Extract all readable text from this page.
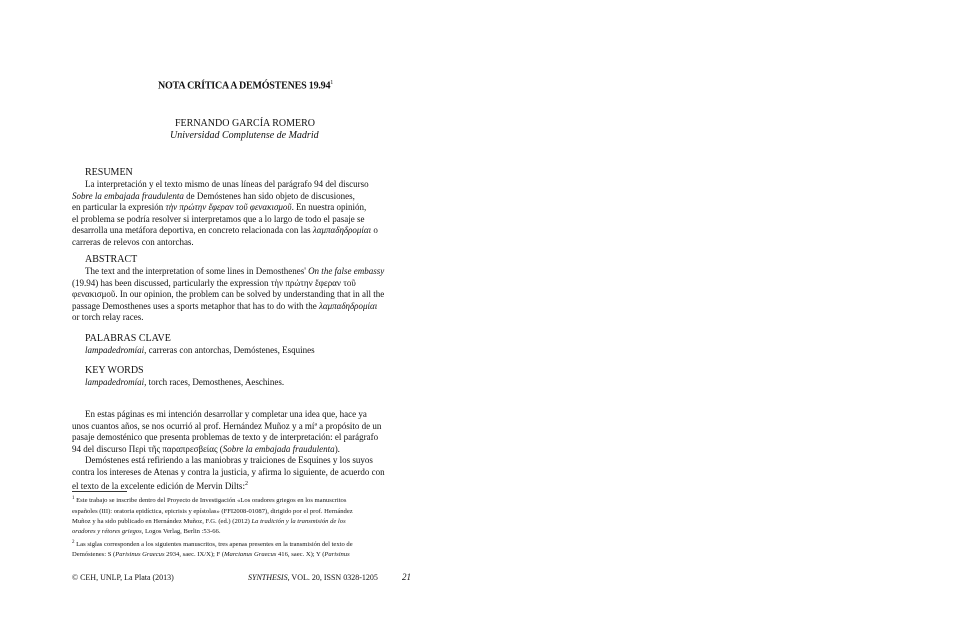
NOTA CRÍTICA A DEMÓSTENES 19.94$^1$
FERNANDO GARCÍA ROMERO
Universidad Complutense de Madrid
RESUMEN

La interpretación y el texto mismo de unas líneas del parágrafo 94 del discurso

Sobre la embajada fraudulenta de Demóstenes han sido objeto de discusiones,

en particular la expresión τὴν πρώτην ἔφεραν τοῦ φενακισμοῦ. En nuestra opinión,

el problema se podría resolver si interpretamos que a lo largo de todo el pasaje se

desarrolla una metáfora deportiva, en concreto relacionada con las λαμπαδηδρομίαι o

carreras de relevos con antorchas.

ABSTRACT

The text and the interpretation of some lines in Demosthenes' On the false embassy

(19.94) has been discussed, particularly the expression τὴν πρώτην ἔφεραν τοῦ

φενακισμοῦ. In our opinion, the problem can be solved by understanding that in all the

passage Demosthenes uses a sports metaphor that has to do with the λαμπαδηδρομίαι

or torch relay races.

PALABRAS CLAVE
lampadedromíai, carreras con antorchas, Demóstenes, Esquines
KEY WORDS
lampadedromíai, torch races, Demosthenes, Aeschines.

En estas páginas es mi intención desarrollar y completar una idea que, hace ya

unos cuantos años, se nos ocurrió al prof. Hernández Muñoz y a míª a propósito de un

pasaje demosténico que presenta problemas de texto y de interpretación: el parágrafo

94 del discurso Περὶ τῆς παραπρεσβείας (Sobre la embajada fraudulenta).

Demóstenes está refiriendo a las maniobras y traiciones de Esquines y los suyos

contra los intereses de Atenas y contra la justicia, y afirma lo siguiente, de acuerdo con

el texto de la excelente edición de Mervin Dilts:$^2$

$^1$ Este trabajo se inscribe dentro del Proyecto de Investigación «Los oradores griegos en los manuscritos

españoles (III): oratoria epidíctica, epicrisis y epístolas» (FFI2008-01087), dirigido por el prof. Hernández

Muñoz y ha sido publicado en Hernández Muñoz, F.G. (ed.) (2012) La tradición y la transmisión de los

oradores y rétores griegos, Logos Verlag, Berlin :53-66.

$^2$ Las siglas corresponden a los siguientes manuscritos, tres apenas presentes en la transmisión del texto de

Demóstenes: S (Parisinus Graecus 2934, saec. IX/X); F (Marcianus Graecus 416, saec. X); Y (Parisinus

© CEH, UNLP, La Plata (2013)	SYNTHESIS, VOL. 20, ISSN 0328-1205	21
